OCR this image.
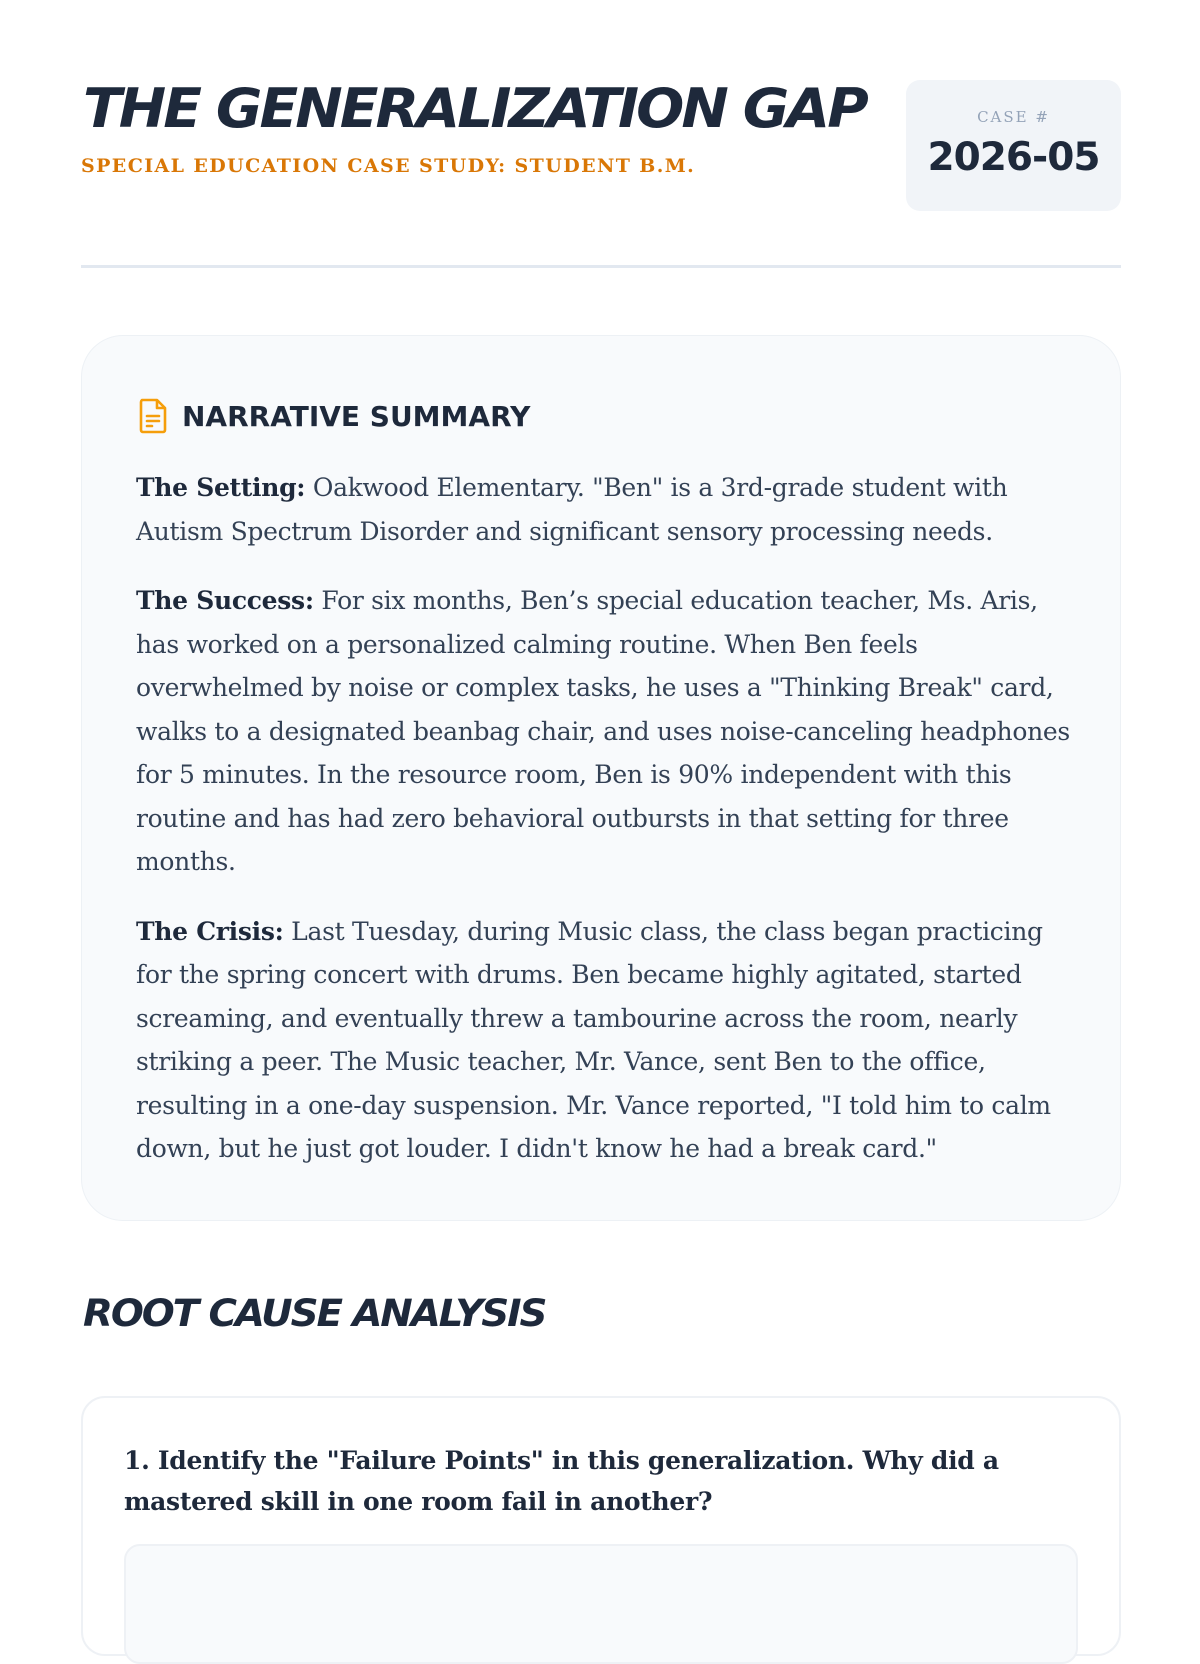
THE GENERALIZATION GAP
SPECIAL EDUCATION CASE STUDY: STUDENT B.M.
CASE #
2026-05
NARRATIVE SUMMARY

The Setting: Oakwood Elementary. "Ben" is a 3rd-grade student with Autism Spectrum Disorder and significant sensory processing needs.

The Success: For six months, Ben’s special education teacher, Ms. Aris, has worked on a personalized calming routine. When Ben feels overwhelmed by noise or complex tasks, he uses a "Thinking Break" card, walks to a designated beanbag chair, and uses noise-canceling headphones for 5 minutes. In the resource room, Ben is 90% independent with this routine and has had zero behavioral outbursts in that setting for three months.

The Crisis: Last Tuesday, during Music class, the class began practicing for the spring concert with drums. Ben became highly agitated, started screaming, and eventually threw a tambourine across the room, nearly striking a peer. The Music teacher, Mr. Vance, sent Ben to the office, resulting in a one-day suspension. Mr. Vance reported, "I told him to calm down, but he just got louder. I didn't know he had a break card."

ROOT CAUSE ANALYSIS
1. Identify the "Failure Points" in this generalization. Why did a mastered skill in one room fail in another?
